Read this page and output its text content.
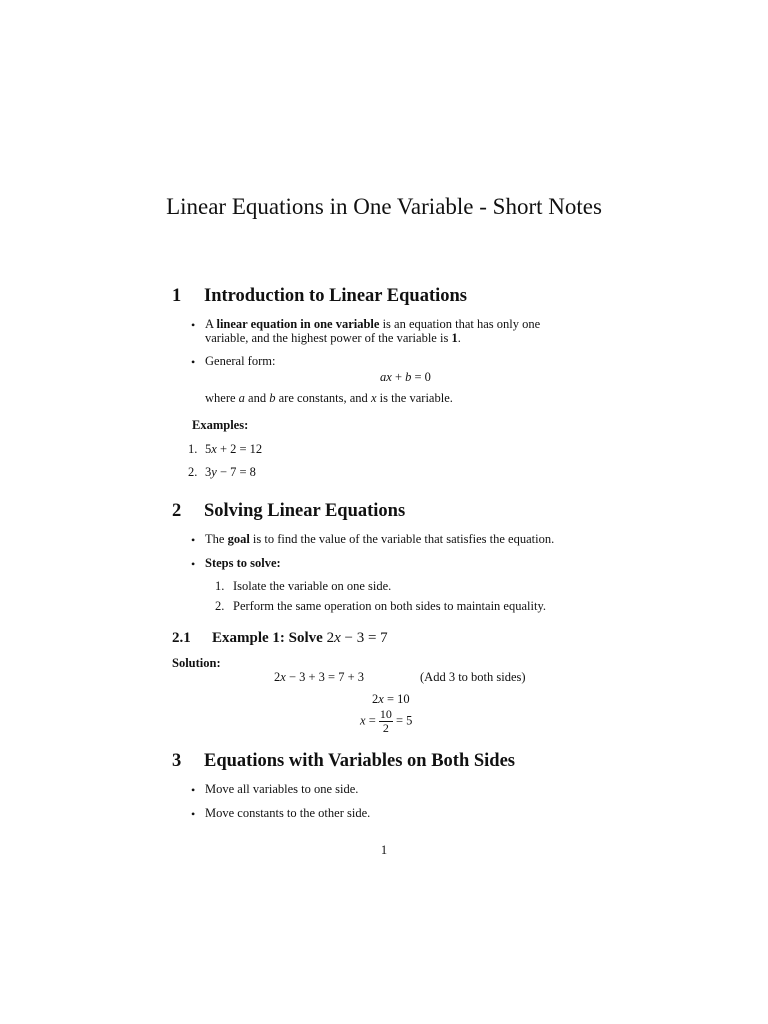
Linear Equations in One Variable - Short Notes
1 Introduction to Linear Equations
• A linear equation in one variable is an equation that has only one
variable, and the highest power of the variable is 1.
• General form:
ax + b = 0
where a and b are constants, and x is the variable.
Examples:
1. 5x + 2 = 12
2. 3y − 7 = 8
2 Solving Linear Equations
• The goal is to find the value of the variable that satisfies the equation.
• Steps to solve:
1. Isolate the variable on one side.
2. Perform the same operation on both sides to maintain equality.
2.1 Example 1: Solve 2x − 3 = 7
Solution:
2x − 3 + 3 = 7 + 3	(Add 3 to both sides)
2x = 10
$x = \frac{10}{2} = 5$
3 Equations with Variables on Both Sides
• Move all variables to one side.
• Move constants to the other side.
1
